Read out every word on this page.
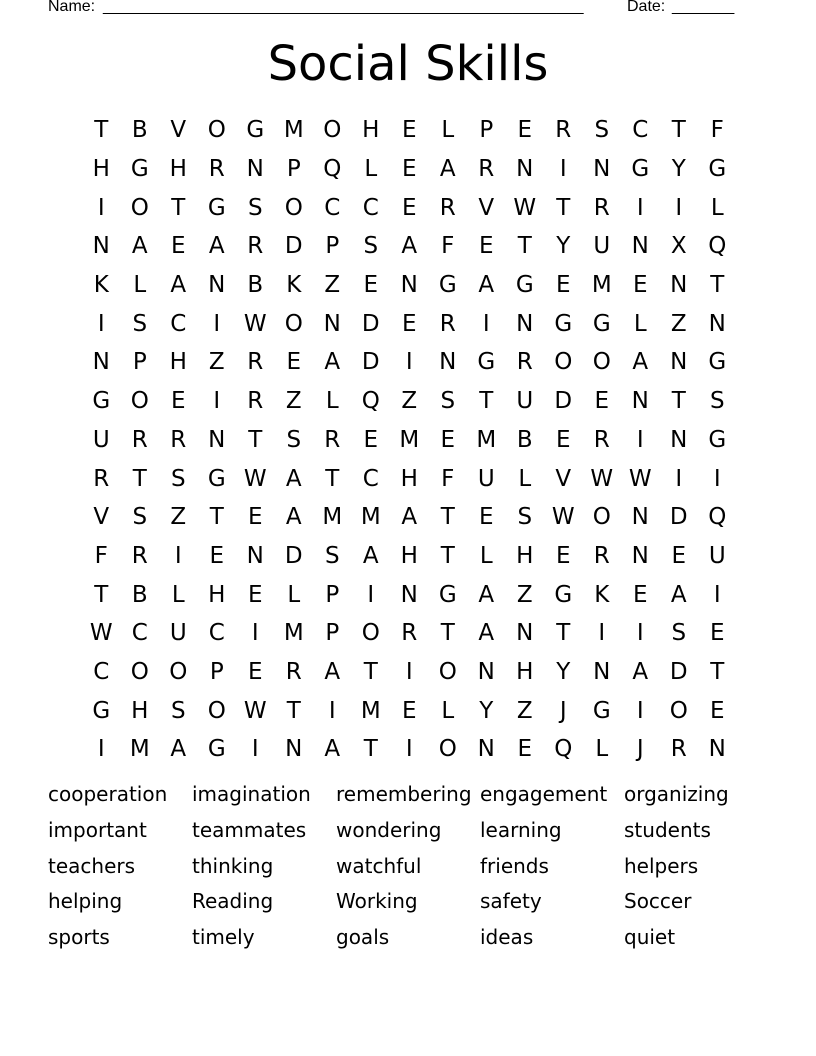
Name: ______________________________________________________	Date: _______
Social Skills
T	B V O G M O H E	L	P	E	R	S	C	T	F
H G H R N P Q	L	E	A R N	I	N G Y G
I	O T G S O C C	E	R V W T	R	I	I	L
N A	E	A R D P	S	A	F	E	T	Y	U N X Q
K	L	A N B	K	Z	E N G A G E M E N T
I	S	C	I	W O N D E	R	I	N G G	L	Z N
N P H Z R	E	A D	I	N G R O O A N G
G O E	I	R Z	L	Q Z	S	T	U D E N T	S
U R R N T	S	R	E M E M B	E	R	I	N G
R	T	S G W A	T	C H	F	U	L	V W W	I	I
V	S	Z	T	E	A M M A	T	E	S W O N D Q
F	R	I	E N D S	A H T	L	H E	R N E U
T	B	L	H E	L	P	I	N G A Z G K	E	A	I
W C U C	I	M P O R	T	A N T	I	I	S	E
C O O P	E	R A	T	I	O N H Y N A D T
G H S O W T	I	M E	L	Y	Z	J	G	I	O E
I	M A G	I	N A	T	I	O N E Q	L	J	R N
cooperation	imagination	remembering engagement organizing
important	teammates	wondering	learning	students
teachers	thinking	watchful	friends	helpers
helping	Reading	Working	safety	Soccer
sports	timely	goals	ideas	quiet
